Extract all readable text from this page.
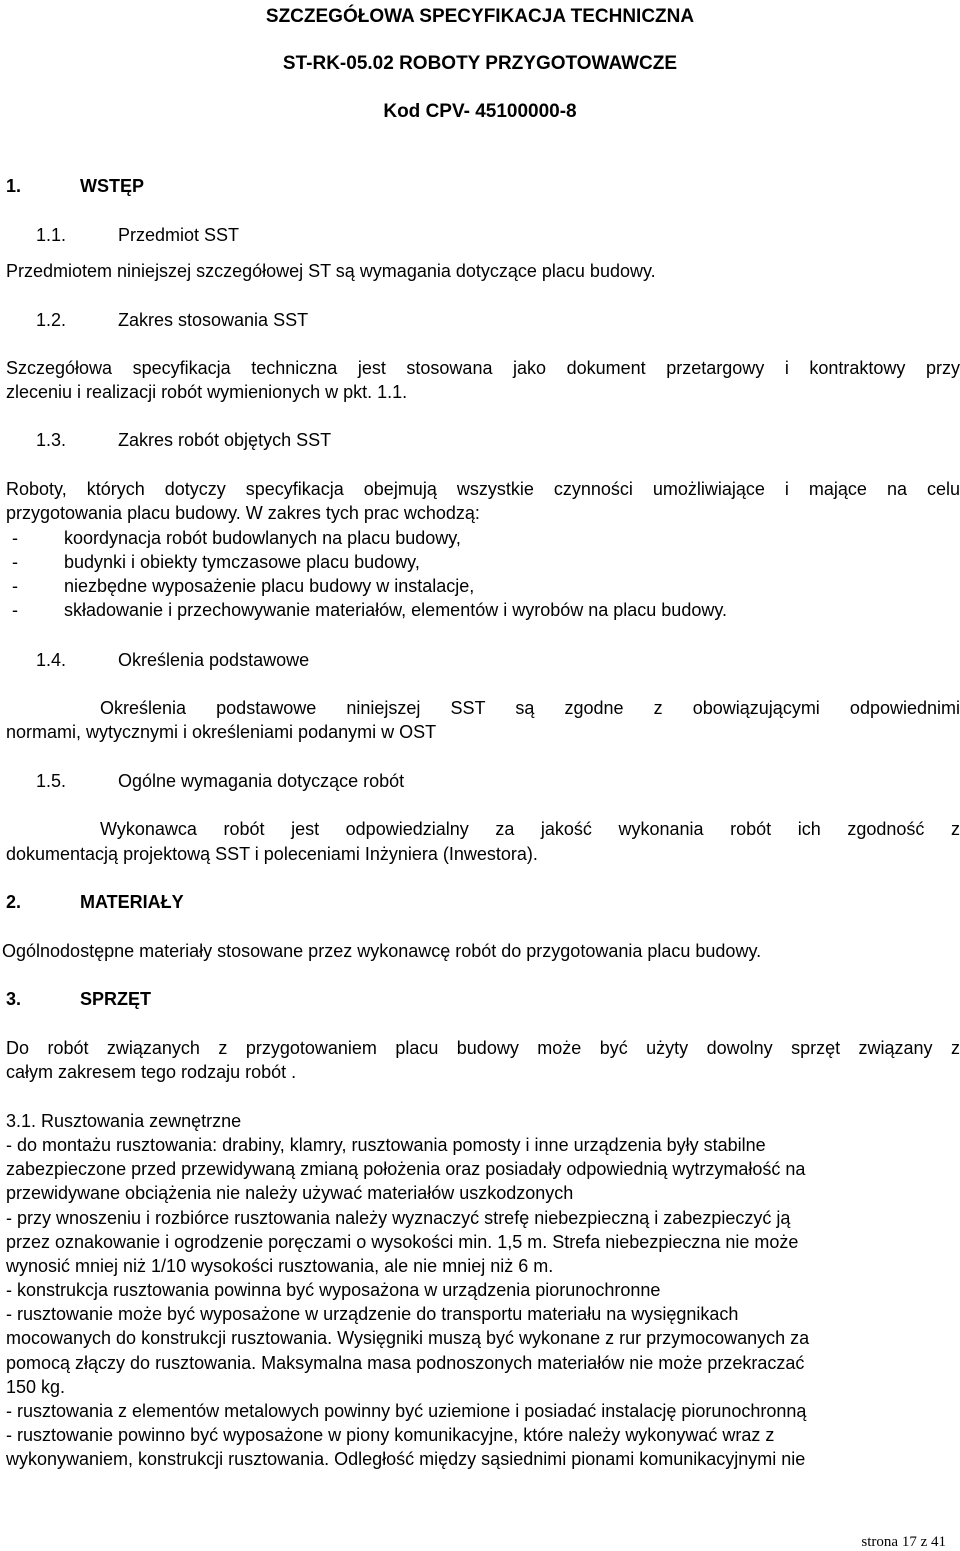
SZCZEGÓŁOWA SPECYFIKACJA TECHNICZNA
ST-RK-05.02 ROBOTY PRZYGOTOWAWCZE
Kod CPV- 45100000-8
1.	WSTĘP
1.1.	Przedmiot SST
Przedmiotem niniejszej szczegółowej ST są wymagania dotyczące placu budowy.
1.2.	Zakres stosowania SST
Szczegółowa specyfikacja techniczna jest stosowana jako dokument przetargowy i kontraktowy przy
zleceniu i realizacji robót wymienionych w pkt. 1.1.
1.3.	Zakres robót objętych SST
Roboty, których dotyczy specyfikacja obejmują wszystkie czynności umożliwiające i mające na celu
przygotowania placu budowy. W zakres tych prac wchodzą:
-	koordynacja robót budowlanych na placu budowy,
-	budynki i obiekty tymczasowe placu budowy,
-	niezbędne wyposażenie placu budowy w instalacje,
-	składowanie i przechowywanie materiałów, elementów i wyrobów na placu budowy.
1.4.	Określenia podstawowe
Określenia podstawowe niniejszej SST są zgodne z obowiązującymi odpowiednimi
normami, wytycznymi i określeniami podanymi w OST
1.5.	Ogólne wymagania dotyczące robót
Wykonawca robót jest odpowiedzialny za jakość wykonania robót ich zgodność z
dokumentacją projektową SST i poleceniami Inżyniera (Inwestora).
2.	MATERIAŁY
Ogólnodostępne materiały stosowane przez wykonawcę robót do przygotowania placu budowy.
3.	SPRZĘT
Do robót związanych z przygotowaniem placu budowy może być użyty dowolny sprzęt związany z
całym zakresem tego rodzaju robót .
3.1. Rusztowania zewnętrzne
- do montażu rusztowania: drabiny, klamry, rusztowania pomosty i inne urządzenia były stabilne
zabezpieczone przed przewidywaną zmianą położenia oraz posiadały odpowiednią wytrzymałość na
przewidywane obciążenia nie należy używać materiałów uszkodzonych
- przy wnoszeniu i rozbiórce rusztowania należy wyznaczyć strefę niebezpieczną i zabezpieczyć ją
przez oznakowanie i ogrodzenie poręczami o wysokości min. 1,5 m. Strefa niebezpieczna nie może
wynosić mniej niż 1/10 wysokości rusztowania, ale nie mniej niż 6 m.
- konstrukcja rusztowania powinna być wyposażona w urządzenia piorunochronne
- rusztowanie może być wyposażone w urządzenie do transportu materiału na wysięgnikach
mocowanych do konstrukcji rusztowania. Wysięgniki muszą być wykonane z rur przymocowanych za
pomocą złączy do rusztowania. Maksymalna masa podnoszonych materiałów nie może przekraczać
150 kg.
- rusztowania z elementów metalowych powinny być uziemione i posiadać instalację piorunochronną
- rusztowanie powinno być wyposażone w piony komunikacyjne, które należy wykonywać wraz z
wykonywaniem, konstrukcji rusztowania. Odległość między sąsiednimi pionami komunikacyjnymi nie
strona 17 z 41
